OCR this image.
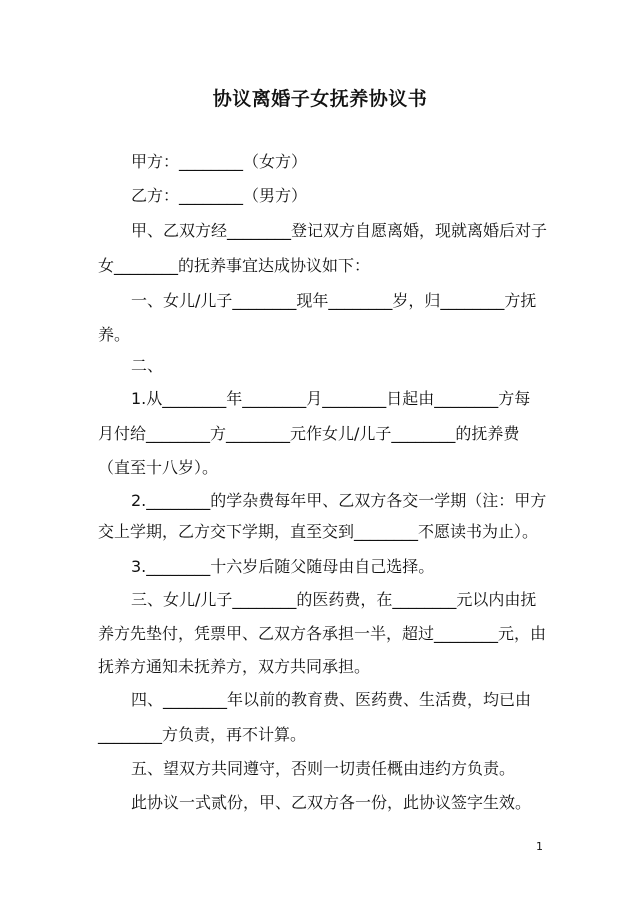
协议离婚子女抚养协议书
甲方：________（女方）
乙方：________（男方）
甲、乙双方经________登记双方自愿离婚，现就离婚后对子
女________的抚养事宜达成协议如下：
一、女儿/儿子________现年________岁，归________方抚
养。
二、
1.从________年________月________日起由________方每
月付给________方________元作女儿/儿子________的抚养费
（直至十八岁）。
2.________的学杂费每年甲、乙双方各交一学期（注：甲方
交上学期，乙方交下学期，直至交到________不愿读书为止）。
3.________十六岁后随父随母由自己选择。
三、女儿/儿子________的医药费，在________元以内由抚
养方先垫付，凭票甲、乙双方各承担一半，超过________元，由
抚养方通知未抚养方，双方共同承担。
四、________年以前的教育费、医药费、生活费，均已由
________方负责，再不计算。
五、望双方共同遵守，否则一切责任概由违约方负责。
此协议一式贰份，甲、乙双方各一份，此协议签字生效。
1
